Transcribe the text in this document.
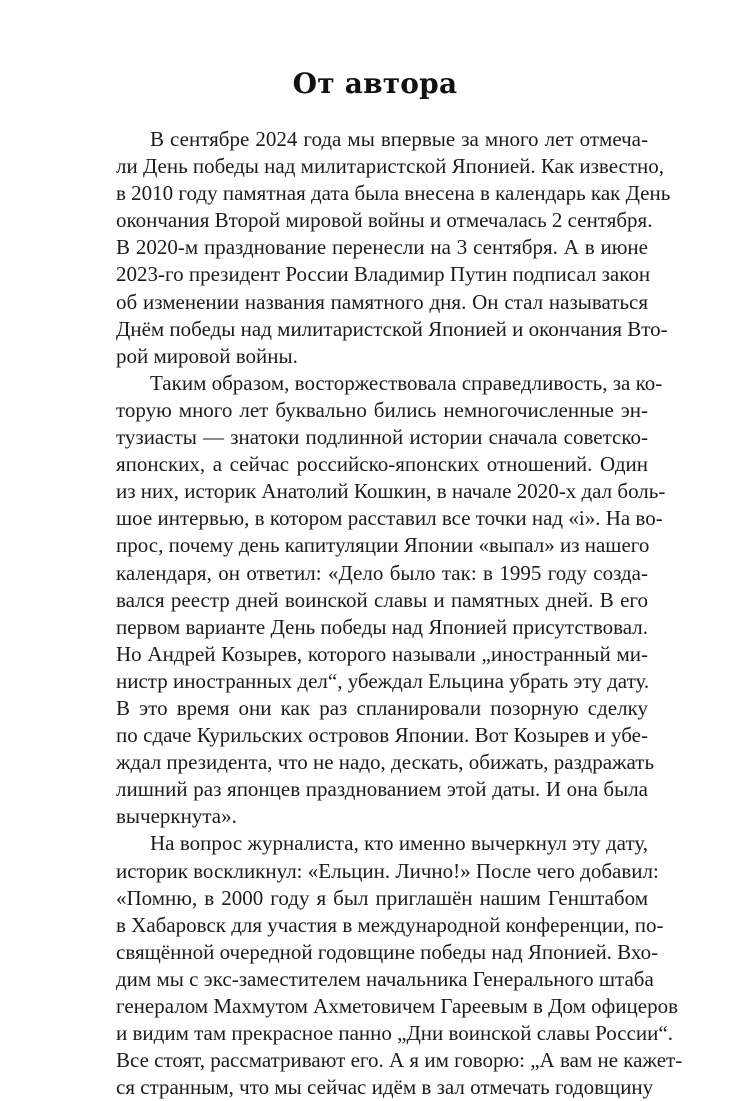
От автора
В сентябре 2024 года мы впервые за много лет отмеча-
ли День победы над милитаристской Японией. Как известно,
в 2010 году памятная дата была внесена в календарь как День
окончания Второй мировой войны и отмечалась 2 сентября.
В 2020-м празднование перенесли на 3 сентября. А в июне
2023-го президент России Владимир Путин подписал закон
об изменении названия памятного дня. Он стал называться
Днём победы над милитаристской Японией и окончания Вто-
рой мировой войны.
Таким образом, восторжествовала справедливость, за ко-
торую много лет буквально бились немногочисленные эн-
тузиасты — знатоки подлинной истории сначала советско-
японских, а сейчас российско-японских отношений. Один
из них, историк Анатолий Кошкин, в начале 2020-х дал боль-
шое интервью, в котором расставил все точки над «і». На во-
прос, почему день капитуляции Японии «выпал» из нашего
календаря, он ответил: «Дело было так: в 1995 году созда-
вался реестр дней воинской славы и памятных дней. В его
первом варианте День победы над Японией присутствовал.
Но Андрей Козырев, которого называли „иностранный ми-
нистр иностранных дел“, убеждал Ельцина убрать эту дату.
В это время они как раз спланировали позорную сделку
по сдаче Курильских островов Японии. Вот Козырев и убе-
ждал президента, что не надо, дескать, обижать, раздражать
лишний раз японцев празднованием этой даты. И она была
вычеркнута».
На вопрос журналиста, кто именно вычеркнул эту дату,
историк воскликнул: «Ельцин. Лично!» После чего добавил:
«Помню, в 2000 году я был приглашён нашим Генштабом
в Хабаровск для участия в международной конференции, по-
свящённой очередной годовщине победы над Японией. Вхо-
дим мы с экс-заместителем начальника Генерального штаба
генералом Махмутом Ахметовичем Гареевым в Дом офицеров
и видим там прекрасное панно „Дни воинской славы России“.
Все стоят, рассматривают его. А я им говорю: „А вам не кажет-
ся странным, что мы сейчас идём в зал отмечать годовщину
